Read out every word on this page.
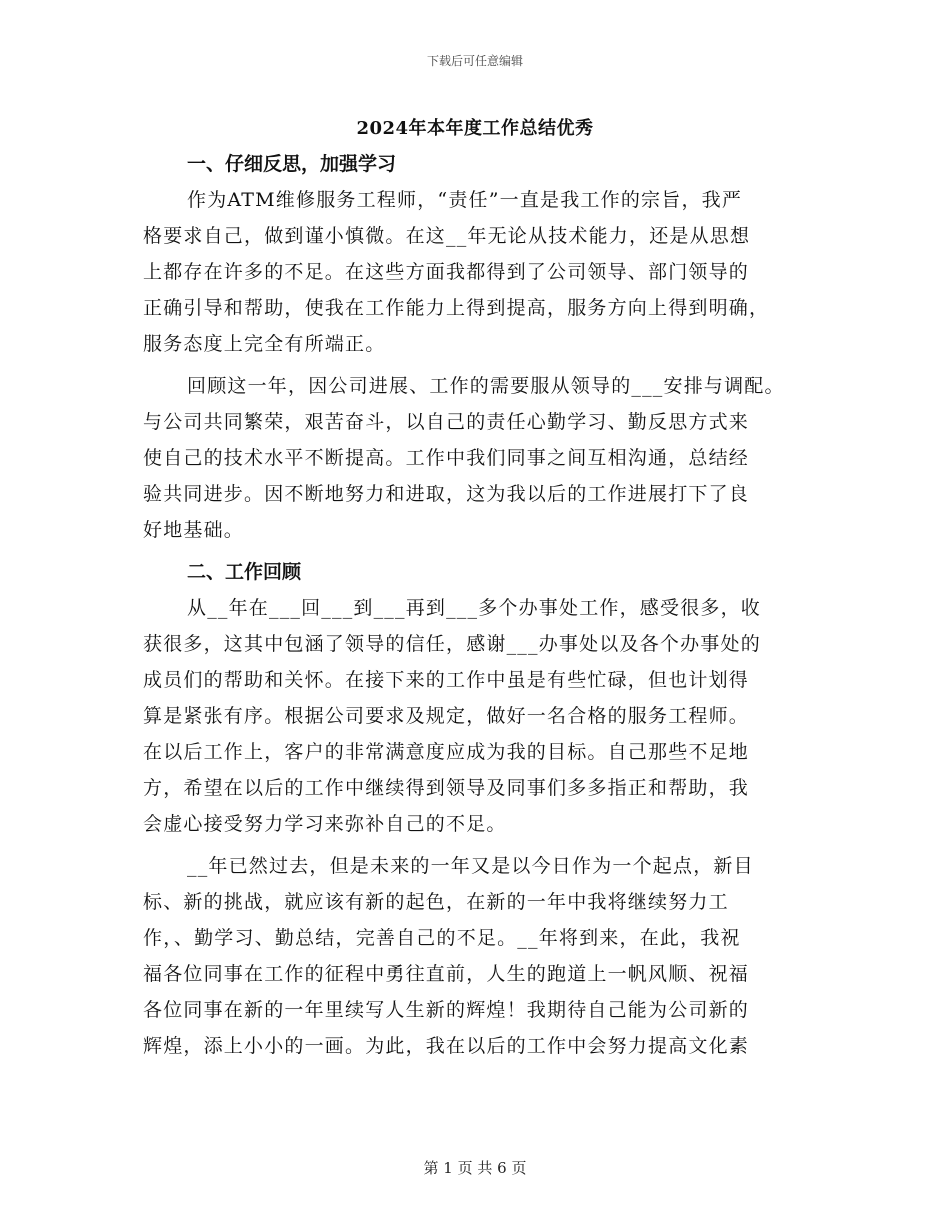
下载后可任意编辑
2024年本年度工作总结优秀

一、仔细反思，加强学习

作为ATM维修服务工程师，“责任”一直是我工作的宗旨，我严

格要求自己，做到谨小慎微。在这__年无论从技术能力，还是从思想

上都存在许多的不足。在这些方面我都得到了公司领导、部门领导的

正确引导和帮助，使我在工作能力上得到提高，服务方向上得到明确，

服务态度上完全有所端正。

回顾这一年，因公司进展、工作的需要服从领导的___安排与调配。

与公司共同繁荣，艰苦奋斗，以自己的责任心勤学习、勤反思方式来

使自己的技术水平不断提高。工作中我们同事之间互相沟通，总结经

验共同进步。因不断地努力和进取，这为我以后的工作进展打下了良

好地基础。

二、工作回顾

从__年在___回___到___再到___多个办事处工作，感受很多，收

获很多，这其中包涵了领导的信任，感谢___办事处以及各个办事处的

成员们的帮助和关怀。在接下来的工作中虽是有些忙碌，但也计划得

算是紧张有序。根据公司要求及规定，做好一名合格的服务工程师。

在以后工作上，客户的非常满意度应成为我的目标。自己那些不足地

方，希望在以后的工作中继续得到领导及同事们多多指正和帮助，我

会虚心接受努力学习来弥补自己的不足。

__年已然过去，但是未来的一年又是以今日作为一个起点，新目

标、新的挑战，就应该有新的起色，在新的一年中我将继续努力工

作，、勤学习、勤总结，完善自己的不足。__年将到来，在此，我祝

福各位同事在工作的征程中勇往直前，人生的跑道上一帆风顺、祝福

各位同事在新的一年里续写人生新的辉煌！我期待自己能为公司新的

辉煌，添上小小的一画。为此，我在以后的工作中会努力提高文化素

第 1 页 共 6 页
